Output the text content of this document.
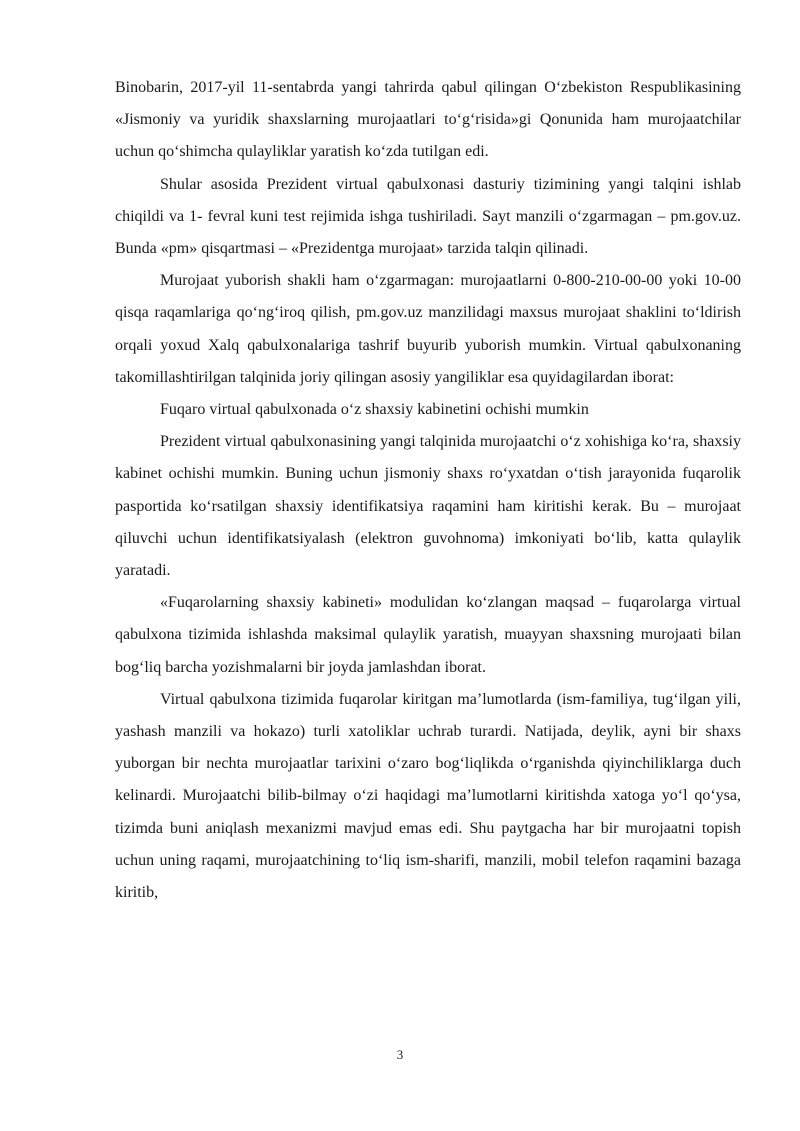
Binobarin, 2017-yil 11-sentabrda yangi tahrirda qabul qilingan O‘zbekiston Respublikasining «Jismoniy va yuridik shaxslarning murojaatlari to‘g‘risida»gi Qonunida ham murojaatchilar uchun qo‘shimcha qulayliklar yaratish ko‘zda tutilgan edi.

Shular asosida Prezident virtual qabulxonasi dasturiy tizimining yangi talqini ishlab chiqildi va 1- fevral kuni test rejimida ishga tushiriladi. Sayt manzili o‘zgarmagan – pm.gov.uz.

Bunda «pm» qisqartmasi – «Prezidentga murojaat» tarzida talqin qilinadi.

Murojaat yuborish shakli ham o‘zgarmagan: murojaatlarni 0-800-210-00-00 yoki 10-00 qisqa raqamlariga qo‘ng‘iroq qilish, pm.gov.uz manzilidagi maxsus murojaat shaklini to‘ldirish orqali yoxud Xalq qabulxonalariga tashrif buyurib yuborish mumkin. Virtual qabulxonaning takomillashtirilgan talqinida joriy qilingan asosiy yangiliklar esa quyidagilardan iborat:

Fuqaro virtual qabulxonada o‘z shaxsiy kabinetini ochishi mumkin

Prezident virtual qabulxonasining yangi talqinida murojaatchi o‘z xohishiga ko‘ra, shaxsiy kabinet ochishi mumkin. Buning uchun jismoniy shaxs ro‘yxatdan o‘tish jarayonida fuqarolik pasportida ko‘rsatilgan shaxsiy identifikatsiya raqamini ham kiritishi kerak. Bu – murojaat qiluvchi uchun identifikatsiyalash (elektron guvohnoma) imkoniyati bo‘lib, katta qulaylik yaratadi.

«Fuqarolarning shaxsiy kabineti» modulidan ko‘zlangan maqsad – fuqarolarga virtual qabulxona tizimida ishlashda maksimal qulaylik yaratish, muayyan shaxsning murojaati bilan bog‘liq barcha yozishmalarni bir joyda jamlashdan iborat.

Virtual qabulxona tizimida fuqarolar kiritgan ma’lumotlarda (ism-familiya, tug‘ilgan yili, yashash manzili va hokazo) turli xatoliklar uchrab turardi. Natijada, deylik, ayni bir shaxs yuborgan bir nechta murojaatlar tarixini o‘zaro bog‘liqlikda o‘rganishda qiyinchiliklarga duch kelinardi. Murojaatchi bilib-bilmay o‘zi haqidagi ma’lumotlarni kiritishda xatoga yo‘l qo‘ysa, tizimda buni aniqlash mexanizmi mavjud emas edi. Shu paytgacha har bir murojaatni topish uchun uning raqami, murojaatchining to‘liq ism-sharifi, manzili, mobil telefon raqamini bazaga kiritib,

3
